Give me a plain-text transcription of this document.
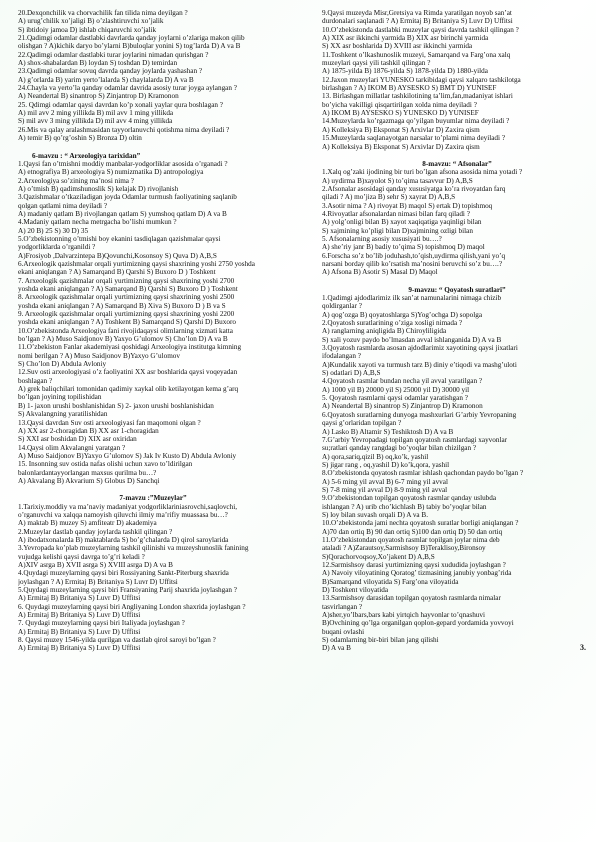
20.Dexqonchilik va chorvachilik fan tilida nima deyilgan ?
A) urug’chilik xo’jaligi B) o’zlashtiruvchi xo’jalik
S) ibtidoiy jamoa D) ishlab chiqaruvchi xo’jalik
21.Qadimgi odamlar dastlabki davrlarda qanday joylarni o’zlariga makon qilib
olishgan ? A)kichik daryo bo’ylarni B)buloqlar yonini S) tog’larda D) A va B
22.Qadimgi odamlar dastlabki turar joylarini nimadan qurishgan ?
A) shox-shabalardan B) loydan S) toshdan D) temirdan
23.Qadimgi odamlar sovuq davrda qanday joylarda yashashan ?
A) g’orlarda B) yarim yerto’lalarda S) chaylalarda D) A va B
24.Chayla va yerto’la qanday odamlar davrida asosiy turar joyga aylangan ?
A) Neandertal B) sinantrop S) Zinjantrop D) Kramonon
25. Qdimgi odamlar qaysi davrdan ko’p xonali yaylar qura boshlagan ?
A) mil avv 2 ming yillikda B) mil avv 1 ming yillikda
S) mil avv 3 ming yillikda D) mil avv 4 ming yillikda
26.Mis va qalay aralashmasidan tayyorlanuvchi qotishma nima deyiladi ?
A) temir B) qo’rg’oshin S) Bronza D) oltin
6-mavzu : “ Arxeologiya tarixidan”
1.Qaysi fan o’tmishni moddiy manbalar-yodgorliklar asosida o’rganadi ?
A) etnografiya B) arxeologiya S) numizmatika D) antropologiya
2.Arxeologiya so’zining ma’nosi nima ?
A) o’tmish B) qadimshunoslik S) kelajak D) rivojlanish
3.Qazishmalar o’tkaziladigan joyda Odamlar turmush faoliyatining saqlanib
qolgan qatlami nima deyiladi ?
A) madaniy qatlam B) rivojlangan qatlam S) yumshoq qatlam D) A va B
4.Madaniy qatlam necha metrgacha bo’lishi mumkun ?
A) 20 B) 25 S) 30 D) 35
5.O’zbekistonning o’tmishi boy ekanini tasdiqlagan qazishmalar qaysi
yodgorliklarda o’rganildi ?
A)Frosiyob ,Dalvarzintepa B)Qovunchi,Kosonsoy S) Quva D) A,B,S
6.Arxeologik qazishmalar orqali yurtimizning qaysi shaxrining yoshi 2750 yoshda
ekani aniqlangan ? A) Samarqand B) Qarshi S) Buxoro D ) Toshkent
7. Arxeologik qazishmalar orqali yurtimizning qaysi shaxrining yoshi 2700
yoshda ekani aniqlangan ? A) Samarqand B) Qarshi S) Buxoro D ) Toshkent
8. Arxeologik qazishmalar orqali yurtimizning qaysi shaxrining yoshi 2500
yoshda ekani aniqlangan ? A) Samarqand B) Xiva S) Buxoro D ) B va S
9. Arxeologik qazishmalar orqali yurtimizning qaysi shaxrining yoshi 2200
yoshda ekani aniqlangan ? A) Toshkent B) Samarqand S) Qarshi D) Buxoro
10.O’zbekistonda Arxeologiya fani rivojidaqaysi olimlarning xizmati katta
bo’lgan ? A) Muso Saidjonov B) Yaxyo G’ulomov S) Cho’lon D) A va B
11.O’zbekiston Fanlar akademiyasi qoshidagi Arxeologiya institutga kimning
nomi berilgan ? A) Muso Saidjonov B)Yaxyo G’ulomov
S) Cho’lon D) Abdula Avloniy
12.Suv osti arxeologiyasi o’z faoliyatini XX asr boshlarida qaysi voqeyadan
boshlagan ?
A) grek baliqchilari tomonidan qadimiy xaykal olib ketilayotgan kema g’arq
bo’lgan joyining topilishidan
B) 1- jaxon urushi boshlanishidan S) 2- jaxon urushi boshlanishidan
S) Akvalangning yaratilishidan
13.Qaysi davrdan Suv osti arxeologiyasi fan maqomoni olgan ?
A) XX asr 2-choragidan B) XX asr 1-choragidan
S) XXI asr boshidan D) XIX asr oxiridan
14.Qaysi olim Akvalangni yaratgan ?
A) Muso Saidjonov B)Yaxyo G’ulomov S) Jak Iv Kusto D) Abdula Avloniy
15. Insonning suv ostida nafas olishi uchun xavo to’ldirilgan
balonlardantayyorlangan maxsus qurilma bu…?
A) Akvalang B) Akvarium S) Globus D) Sanchqi
7-mavzu :”Muzeylar”
1.Tarixiy.moddiy va ma’naviy madaniyat yodgorliklariniasrovchi,saqlovchi,
o’rganuvchi va xalqqa namoyish qiluvchi ilmiy ma’rifiy muassasa bu…?
A) maktab B) muzey S) amfiteatr D) akademiya
2.Muzeylar dastlab qanday joylarda tashkil qilingan ?
A) ibodatxonalarda B) maktablarda S) bo’g’chalarda D) qirol saroylarida
3.Yevropada ko’plab muzeylarning tashkil qilinishi va muzeyshunoslik fanining
vujudga kelishi qaysi davrga to’g’ri keladi ?
A)XIV asrga B) XVII asrga S) XVIII asrga D) A va B
4.Quydagi muzeylarning qaysi biri Rossiyaning Sankt-Piterburg shaxrida
joylashgan ? A) Ermitaj B) Britaniya S) Luvr D) Uffitsi
5.Quydagi muzeylarning qaysi biri Fransiyaning Parij shaxrida joylashgan ?
A) Ermitaj B) Britaniya S) Luvr D) Uffitsi
6. Quydagi muzeylarning qaysi biri Angliyaning London shaxrida joylashgan ?
A) Ermitaj B) Britaniya S) Luvr D) Uffitsi
7. Quydagi muzeylarning qaysi biri Italiyada joylashgan ?
A) Ermitaj B) Britaniya S) Luvr D) Uffitsi
8. Qaysi muzey 1546-yilda qurilgan va dastlab qirol saroyi bo’lgan ?
A) Ermitaj B) Britaniya S) Luvr D) Uffitsi
9.Qaysi muzeyda Misr,Gretsiya va Rimda yaratilgan noyob san’at
durdonalari saqlanadi ? A) Ermitaj B) Britaniya S) Luvr D) Uffitsi
10.O’zbekistonda dastlabki muzeylar qaysi davrda tashkil qilingan ?
A) XIX asr ikkinchi yarmida B) XIX asr birinchi yarmida
S) XX asr boshlarida D) XVIII asr ikkinchi yarmida
11.Toshkent o’lkashunoslik muzeyi, Samarqand va Farg’ona xalq
muzeylari qaysi yili tashkil qilingan ?
A) 1875-yilda B) 1876-yilda S) 1878-yilda D) 1880-yilda
12.Jaxon muzeylari YUNESKO tarkibidagi qaysi xalqaro tashkilotga
birlashgan ? A) IKOM B) AYSESKO S) BMT D) YUNISEF
13. Birlashgan millatlar tashkilotining ta’lim,fan,madaniyat ishlari
bo’yicha vakilligi qisqartirilgan xolda nima deyiladi ?
A) IKOM B) AYSESKO S) YUNESKO D) YUNISEF
14.Muzeylarda ko’rgazmaga qo’yilgan buyumlar nima deyiladi ?
A) Kolleksiya B) Eksponat S) Arxivlar D) Zaxira qism
15.Muzeylarda saqlanayotgan narsalar to’plami nima deyiladi ?
A) Kolleksiya B) Eksponat S) Arxivlar D) Zaxira qism
8-mavzu: “ Afsonalar”
1.Xalq og’zaki ijodining bir turi bo’lgan afsona asosida nima yotadi ?
A) uydirma B)xayolot S) to’qima tasavvur D) A,B,S
2.Afsonalar asosidagi qanday xususiyatga ko’ra rivoyatdan farq
qiladi ? A) mo’jiza B) sehr S) xayrat D) A,B,S
3.Asotir nima ? A) rivoyat B) maqol S) ertak D) topishmoq
4.Rivoyatlar afsonalardan nimasi bilan farq qiladi ?
A) yolg’onligi bilan B) xayot xaqiqatiga yaqinligi bilan
S) xajmining ko’pligi bilan D)xajmining ozligi bilan
5. Afsonalarning asosiy xususiyati bu….?
A) she’riy janr B) badiy to’qima S) topishmoq D) maqol
6.Forscha so’z bo’lib joduhash,to’qish,uydirma qilish,yani yo’q
narsani borday qilib ko’rsatish ma’nosini beruvchi so’z bu….?
A) Afsona B) Asotir S) Masal D) Maqol
9-mavzu: “ Qoyatosh suratlari”
1.Qadimgi ajdodlarimiz ilk san’at namunalarini nimaga chizib
qoldirganlar ?
A) qog’ozga B) qoyatoshlarga S)Yog’ochga D) sopolga
2.Qoyatosh suratlarining o’ziga xosligi nimada ?
A) ranglarning aniqligida B) Chiroyliligida
S) xali yozuv paydo bo’lmasdan avval ishlanganida D) A va B
3.Qoyatosh rasmlarda asosan ajdodlarimiz xayotining qaysi jixatlari
ifodalangan ?
A)Kundalik xayoti va turmush tarz B) diniy e’tiqodi va mashg’uloti
S) odatlari D) A,B,S
4.Qoyatosh rasmlar bundan necha yil avval yaratilgan ?
A) 1000 yil B) 20000 yil S) 25000 yil D) 30000 yil
5. Qoyatosh rasmlarni qaysi odamlar yaratishgan ?
A) Neandertal B) sinantrop S) Zinjantrop D) Kramonon
6.Qoyatosh suratlarning dunyoga mashxurlari G’arbiy Yevropaning
qaysi g’orlaridan topilgan ?
A) Lasko B) Altamir S) Teshiktosh D) A va B
7.G’arbiy Yevropadagi topilgan qoyatosh rasmlardagi xayvonlar
su;ratlari qanday rangdagi bo’yoqlar bilan chizilgan ?
A) qora,sariq,qizil B) oq,ko’k, yashil
S) jigar rang , oq,yashil D) ko’k,qora, yashil
8.O’zbekistonda qoyatosh rasmlar ishlash qachondan paydo bo’lgan ?
A) 5-6 ming yil avval B) 6-7 ming yil avval
S) 7-8 ming yil avval D) 8-9 ming yil avval
9.O’zbekistondan topilgan qoyatosh rasmlar qanday uslubda
ishlangan ? A) urib cho’kichlash B) tabiy bo’yoqlar bilan
S) loy bilan suvash orqali D) A va B.
10.O’zbekistonda jami nechta qoyatosh suratlar borligi aniqlangan ?
A)70 dan ortiq B) 90 dan ortiq S)100 dan ortiq D) 50 dan ortiq
11.O’zbekistondan qoyatosh rasmlar topilgan joylar nima deb
ataladi ? A)Zarautsoy,Sarmishsoy B)Teraklisoy,Bironsoy
S)Qorachorvoqsoy,Xo’jakent D) A,B,S
12.Sarmishsoy darasi yurtimizning qaysi xududida joylashgan ?
A) Navoiy viloyatining Qoratog’ tizmasining janubiy yonbag’rida
B)Samarqand viloyatida S) Farg’ona viloyatida
D) Toshkent viloyatida
13.Sarmishsoy darasidan topilgan qoyatosh rasmlarda nimalar
tasvirlangan ?
A)sher,yo’lbars,bars kabi yirtqich hayvonlar to’qnashuvi
B)Ovchining qo’lga organilgan qoplon-gepard yordamida yovvoyi
buqani ovlashi
S) odamlarning bir-biri bilan jang qilishi
D) A va B	3.
